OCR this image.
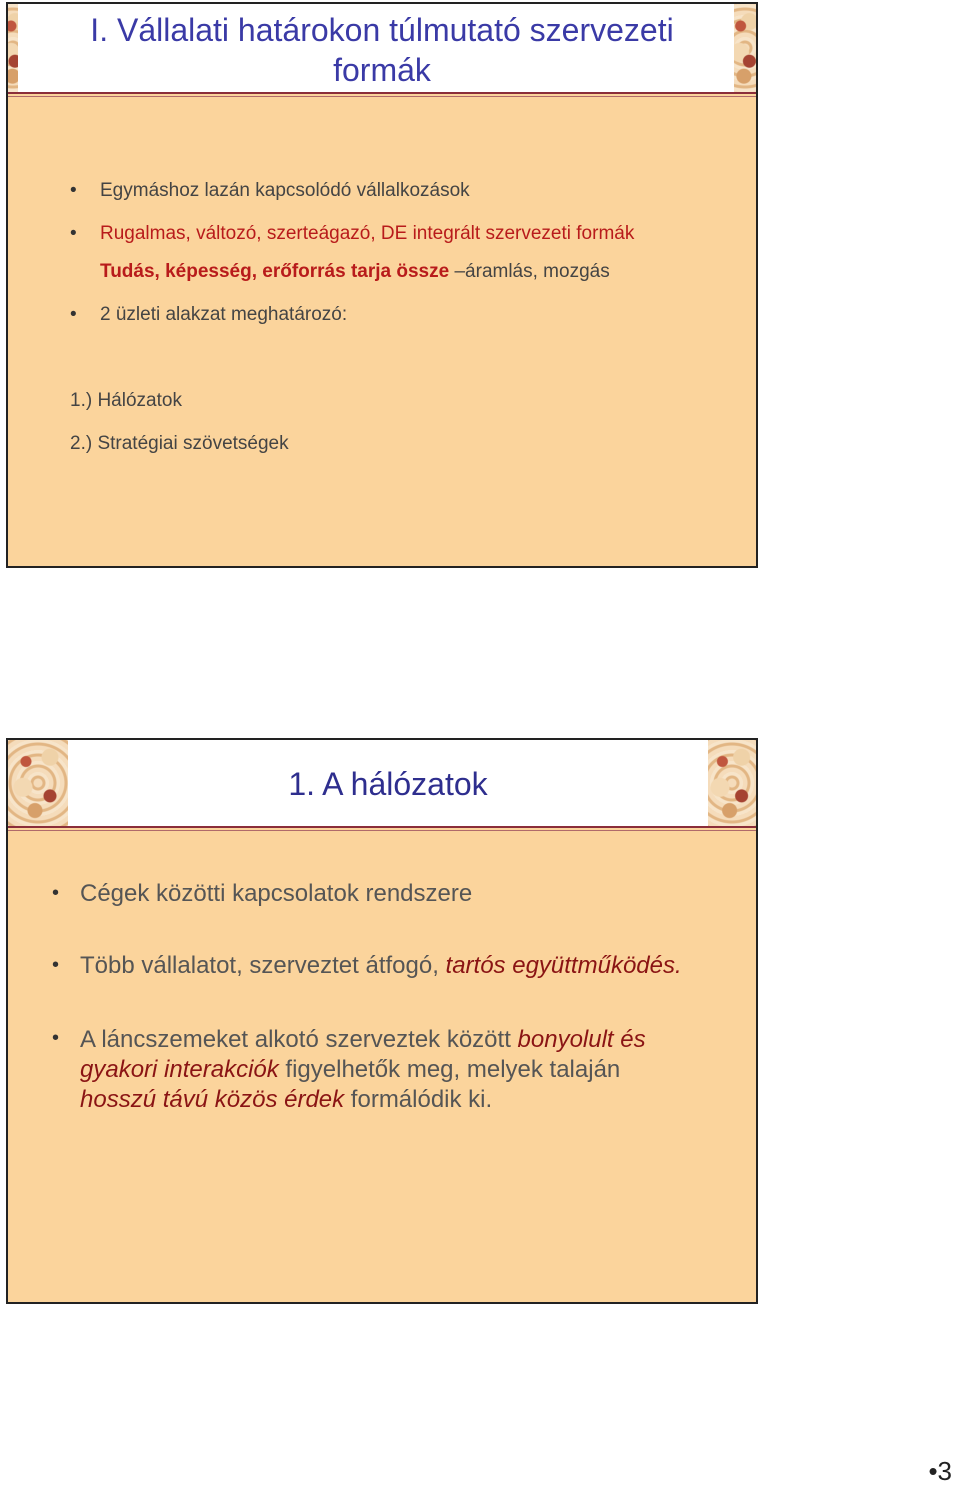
I. Vállalati határokon túlmutató szervezeti formák
• Egymáshoz lazán kapcsolódó vállalkozások
• Rugalmas, változó, szerteágazó, DE integrált szervezeti formák
Tudás, képesség, erőforrás tarja össze –áramlás, mozgás
• 2 üzleti alakzat meghatározó:
1.) Hálózatok
2.) Stratégiai szövetségek
1. A hálózatok
• Cégek közötti kapcsolatok rendszere
• Több vállalatot, szerveztet átfogó, tartós együttműködés.
• A láncszemeket alkotó szerveztek között bonyolult és
gyakori interakciók figyelhetők meg, melyek talaján
hosszú távú közös érdek formálódik ki.
•3
